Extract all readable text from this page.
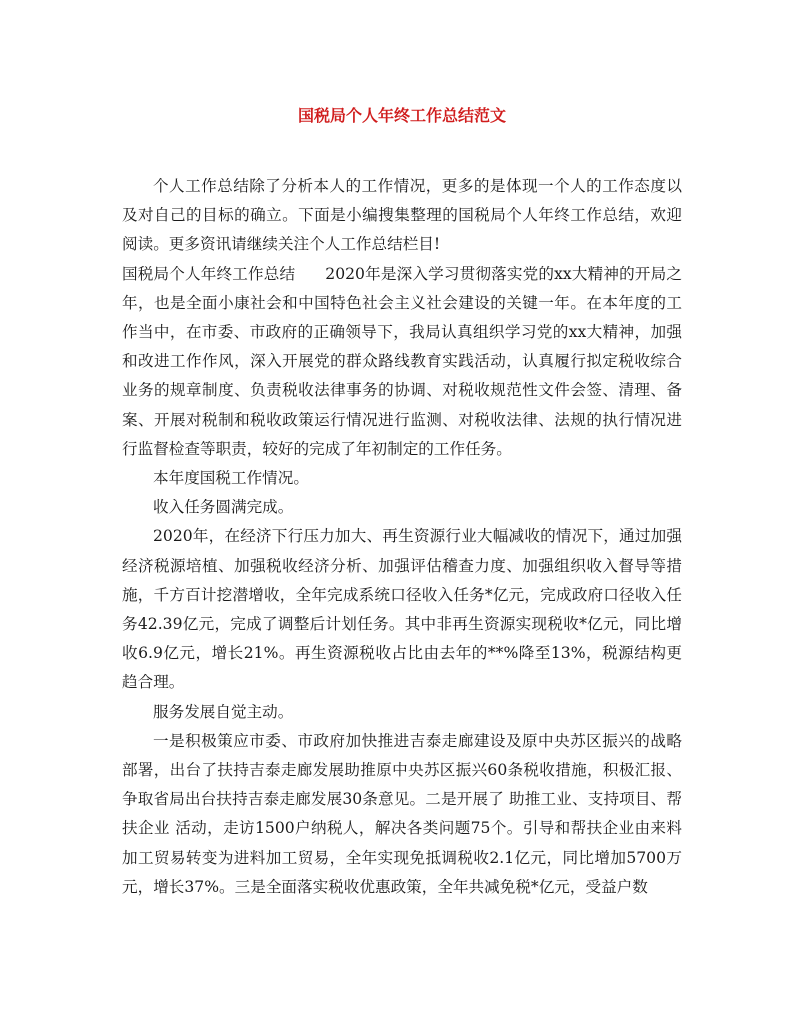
国税局个人年终工作总结范文

个人工作总结除了分析本人的工作情况，更多的是体现一个人的工作态度以及对自己的目标的确立。下面是小编搜集整理的国税局个人年终工作总结，欢迎阅读。更多资讯请继续关注个人工作总结栏目!

国税局个人年终工作总结 2020年是深入学习贯彻落实党的xx大精神的开局之年，也是全面小康社会和中国特色社会主义社会建设的关键一年。在本年度的工作当中，在市委、市政府的正确领导下，我局认真组织学习党的xx大精神，加强和改进工作作风，深入开展党的群众路线教育实践活动，认真履行拟定税收综合业务的规章制度、负责税收法律事务的协调、对税收规范性文件会签、清理、备案、开展对税制和税收政策运行情况进行监测、对税收法律、法规的执行情况进行监督检查等职责，较好的完成了年初制定的工作任务。

本年度国税工作情况。

收入任务圆满完成。

2020年，在经济下行压力加大、再生资源行业大幅减收的情况下，通过加强经济税源培植、加强税收经济分析、加强评估稽查力度、加强组织收入督导等措施，千方百计挖潜增收，全年完成系统口径收入任务*亿元，完成政府口径收入任务42.39亿元，完成了调整后计划任务。其中非再生资源实现税收*亿元，同比增收6.9亿元，增长21%。再生资源税收占比由去年的**%降至13%，税源结构更趋合理。

服务发展自觉主动。

一是积极策应市委、市政府加快推进吉泰走廊建设及原中央苏区振兴的战略部署，出台了扶持吉泰走廊发展助推原中央苏区振兴60条税收措施，积极汇报、争取省局出台扶持吉泰走廊发展30条意见。二是开展了 助推工业、支持项目、帮扶企业 活动，走访1500户纳税人，解决各类问题75个。引导和帮扶企业由来料加工贸易转变为进料加工贸易，全年实现免抵调税收2.1亿元，同比增加5700万元，增长37%。三是全面落实税收优惠政策，全年共减免税*亿元，受益户数
